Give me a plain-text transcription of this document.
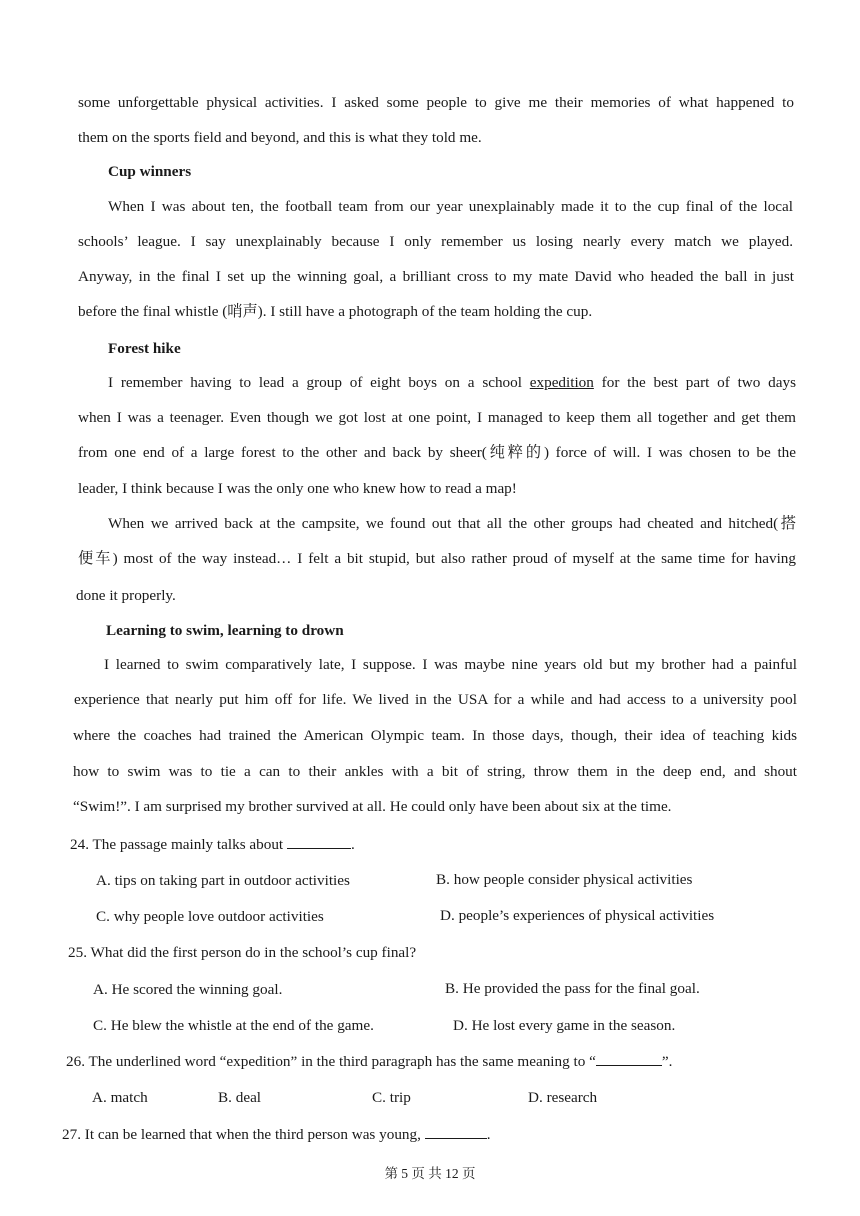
some unforgettable physical activities. I asked some people to give me their memories of what happened to
them on the sports field and beyond, and this is what they told me.
Cup winners
When I was about ten, the football team from our year unexplainably made it to the cup final of the local
schools’ league. I say unexplainably because I only remember us losing nearly every match we played.
Anyway, in the final I set up the winning goal, a brilliant cross to my mate David who headed the ball in just
before the final whistle (哨声). I still have a photograph of the team holding the cup.
Forest hike
I remember having to lead a group of eight boys on a school expedition for the best part of two days
when I was a teenager. Even though we got lost at one point, I managed to keep them all together and get them
from one end of a large forest to the other and back by sheer(纯粹的) force of will. I was chosen to be the
leader, I think because I was the only one who knew how to read a map!
When we arrived back at the campsite, we found out that all the other groups had cheated and hitched(搭
便车) most of the way instead… I felt a bit stupid, but also rather proud of myself at the same time for having
done it properly.
Learning to swim, learning to drown
I learned to swim comparatively late, I suppose. I was maybe nine years old but my brother had a painful
experience that nearly put him off for life. We lived in the USA for a while and had access to a university pool
where the coaches had trained the American Olympic team. In those days, though, their idea of teaching kids
how to swim was to tie a can to their ankles with a bit of string, throw them in the deep end, and shout
“Swim!”. I am surprised my brother survived at all. He could only have been about six at the time.
24. The passage mainly talks about	.
A. tips on taking part in outdoor activities	B. how people consider physical activities
C. why people love outdoor activities	D. people’s experiences of physical activities
25. What did the first person do in the school’s cup final?
A. He scored the winning goal.	B. He provided the pass for the final goal.
C. He blew the whistle at the end of the game.	D. He lost every game in the season.
26. The underlined word “expedition” in the third paragraph has the same meaning to “	”.
A. match	B. deal	C. trip	D. research
27. It can be learned that when the third person was young,	.
第 5 页 共 12 页
